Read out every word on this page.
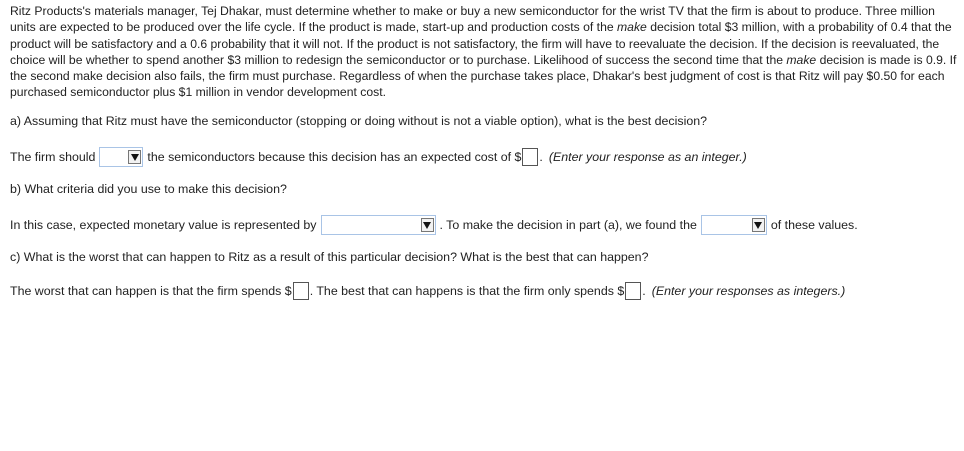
Ritz Products's materials manager, Tej Dhakar, must determine whether to make or buy a new semiconductor for the wrist TV that the firm is about to produce. Three million units are expected to be produced over the life cycle. If the product is made, start-up and production costs of the make decision total $3 million, with a probability of 0.4 that the product will be satisfactory and a 0.6 probability that it will not. If the product is not satisfactory, the firm will have to reevaluate the decision. If the decision is reevaluated, the choice will be whether to spend another $3 million to redesign the semiconductor or to purchase. Likelihood of success the second time that the make decision is made is 0.9. If the second make decision also fails, the firm must purchase. Regardless of when the purchase takes place, Dhakar's best judgment of cost is that Ritz will pay $0.50 for each purchased semiconductor plus $1 million in vendor development cost.

a) Assuming that Ritz must have the semiconductor (stopping or doing without is not a viable option), what is the best decision?
The firm should	the semiconductors because this decision has an expected cost of $ . (Enter your response as an integer.)
b) What criteria did you use to make this decision?
In this case, expected monetary value is represented by	. To make the decision in part (a), we found the	of these values.
c) What is the worst that can happen to Ritz as a result of this particular decision? What is the best that can happen?
The worst that can happen is that the firm spends $ . The best that can happens is that the firm only spends $ . (Enter your responses as integers.)
